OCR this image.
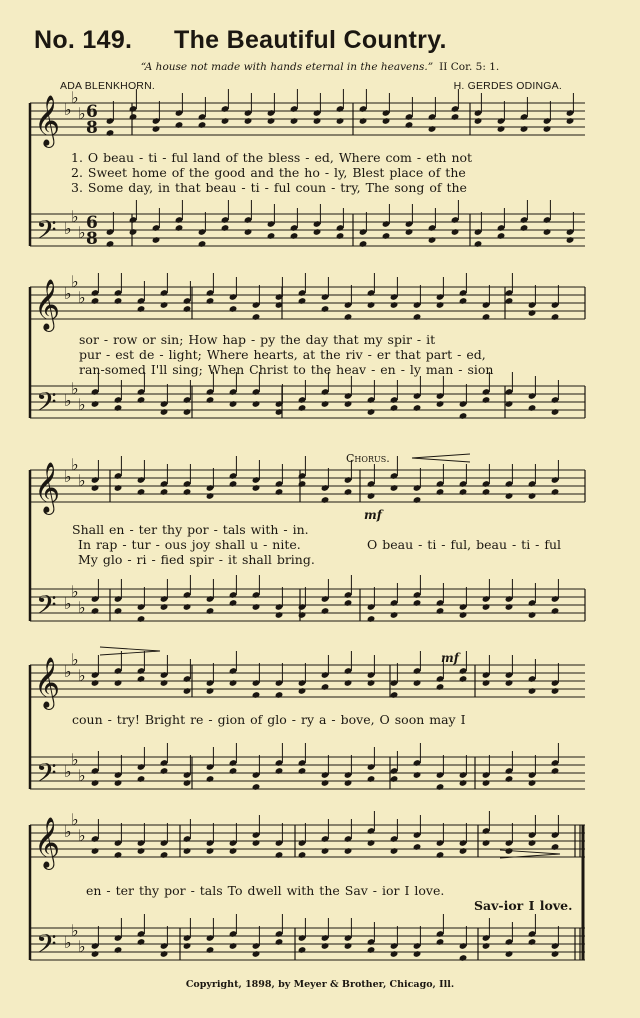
No. 149. The Beautiful Country.
“A house not made with hands eternal in the heavens.” II Cor. 5: 1.
ADA BLENKHORN.	H. GERDES ODINGA.
𝄞
𝄢
♭
♭
♭
♭
♭
♭
6
8
6
8
𝄞
𝄢
♭
♭
♭
♭
♭
♭
𝄞
𝄢
♭
♭
♭
♭
♭
♭
𝄞
𝄢
♭
♭
♭
♭
♭
♭
𝄞
𝄢
♭
♭
♭
♭
♭
♭
1. O beau - ti - ful land of the bless - ed, Where com - eth not
2. Sweet home of the good and the ho - ly, Blest place of the
3. Some day, in that beau - ti - ful coun - try, The song of the
sor - row or sin; How hap - py the day that my spir - it
pur - est de - light; Where hearts, at the riv - er that part - ed,
ran-somed I'll sing; When Christ to the heav - en - ly man - sion
Chorus.
Shall en - ter thy por - tals with - in.
In rap - tur - ous joy shall u - nite.
My glo - ri - fied spir - it shall bring.
mf
O beau - ti - ful, beau - ti - ful
mf
coun - try! Bright re - gion of glo - ry a - bove, O soon may I
en - ter thy por - tals To dwell with the Sav - ior I love.
Sav-ior I love.
Copyright, 1898, by Meyer & Brother, Chicago, Ill.
